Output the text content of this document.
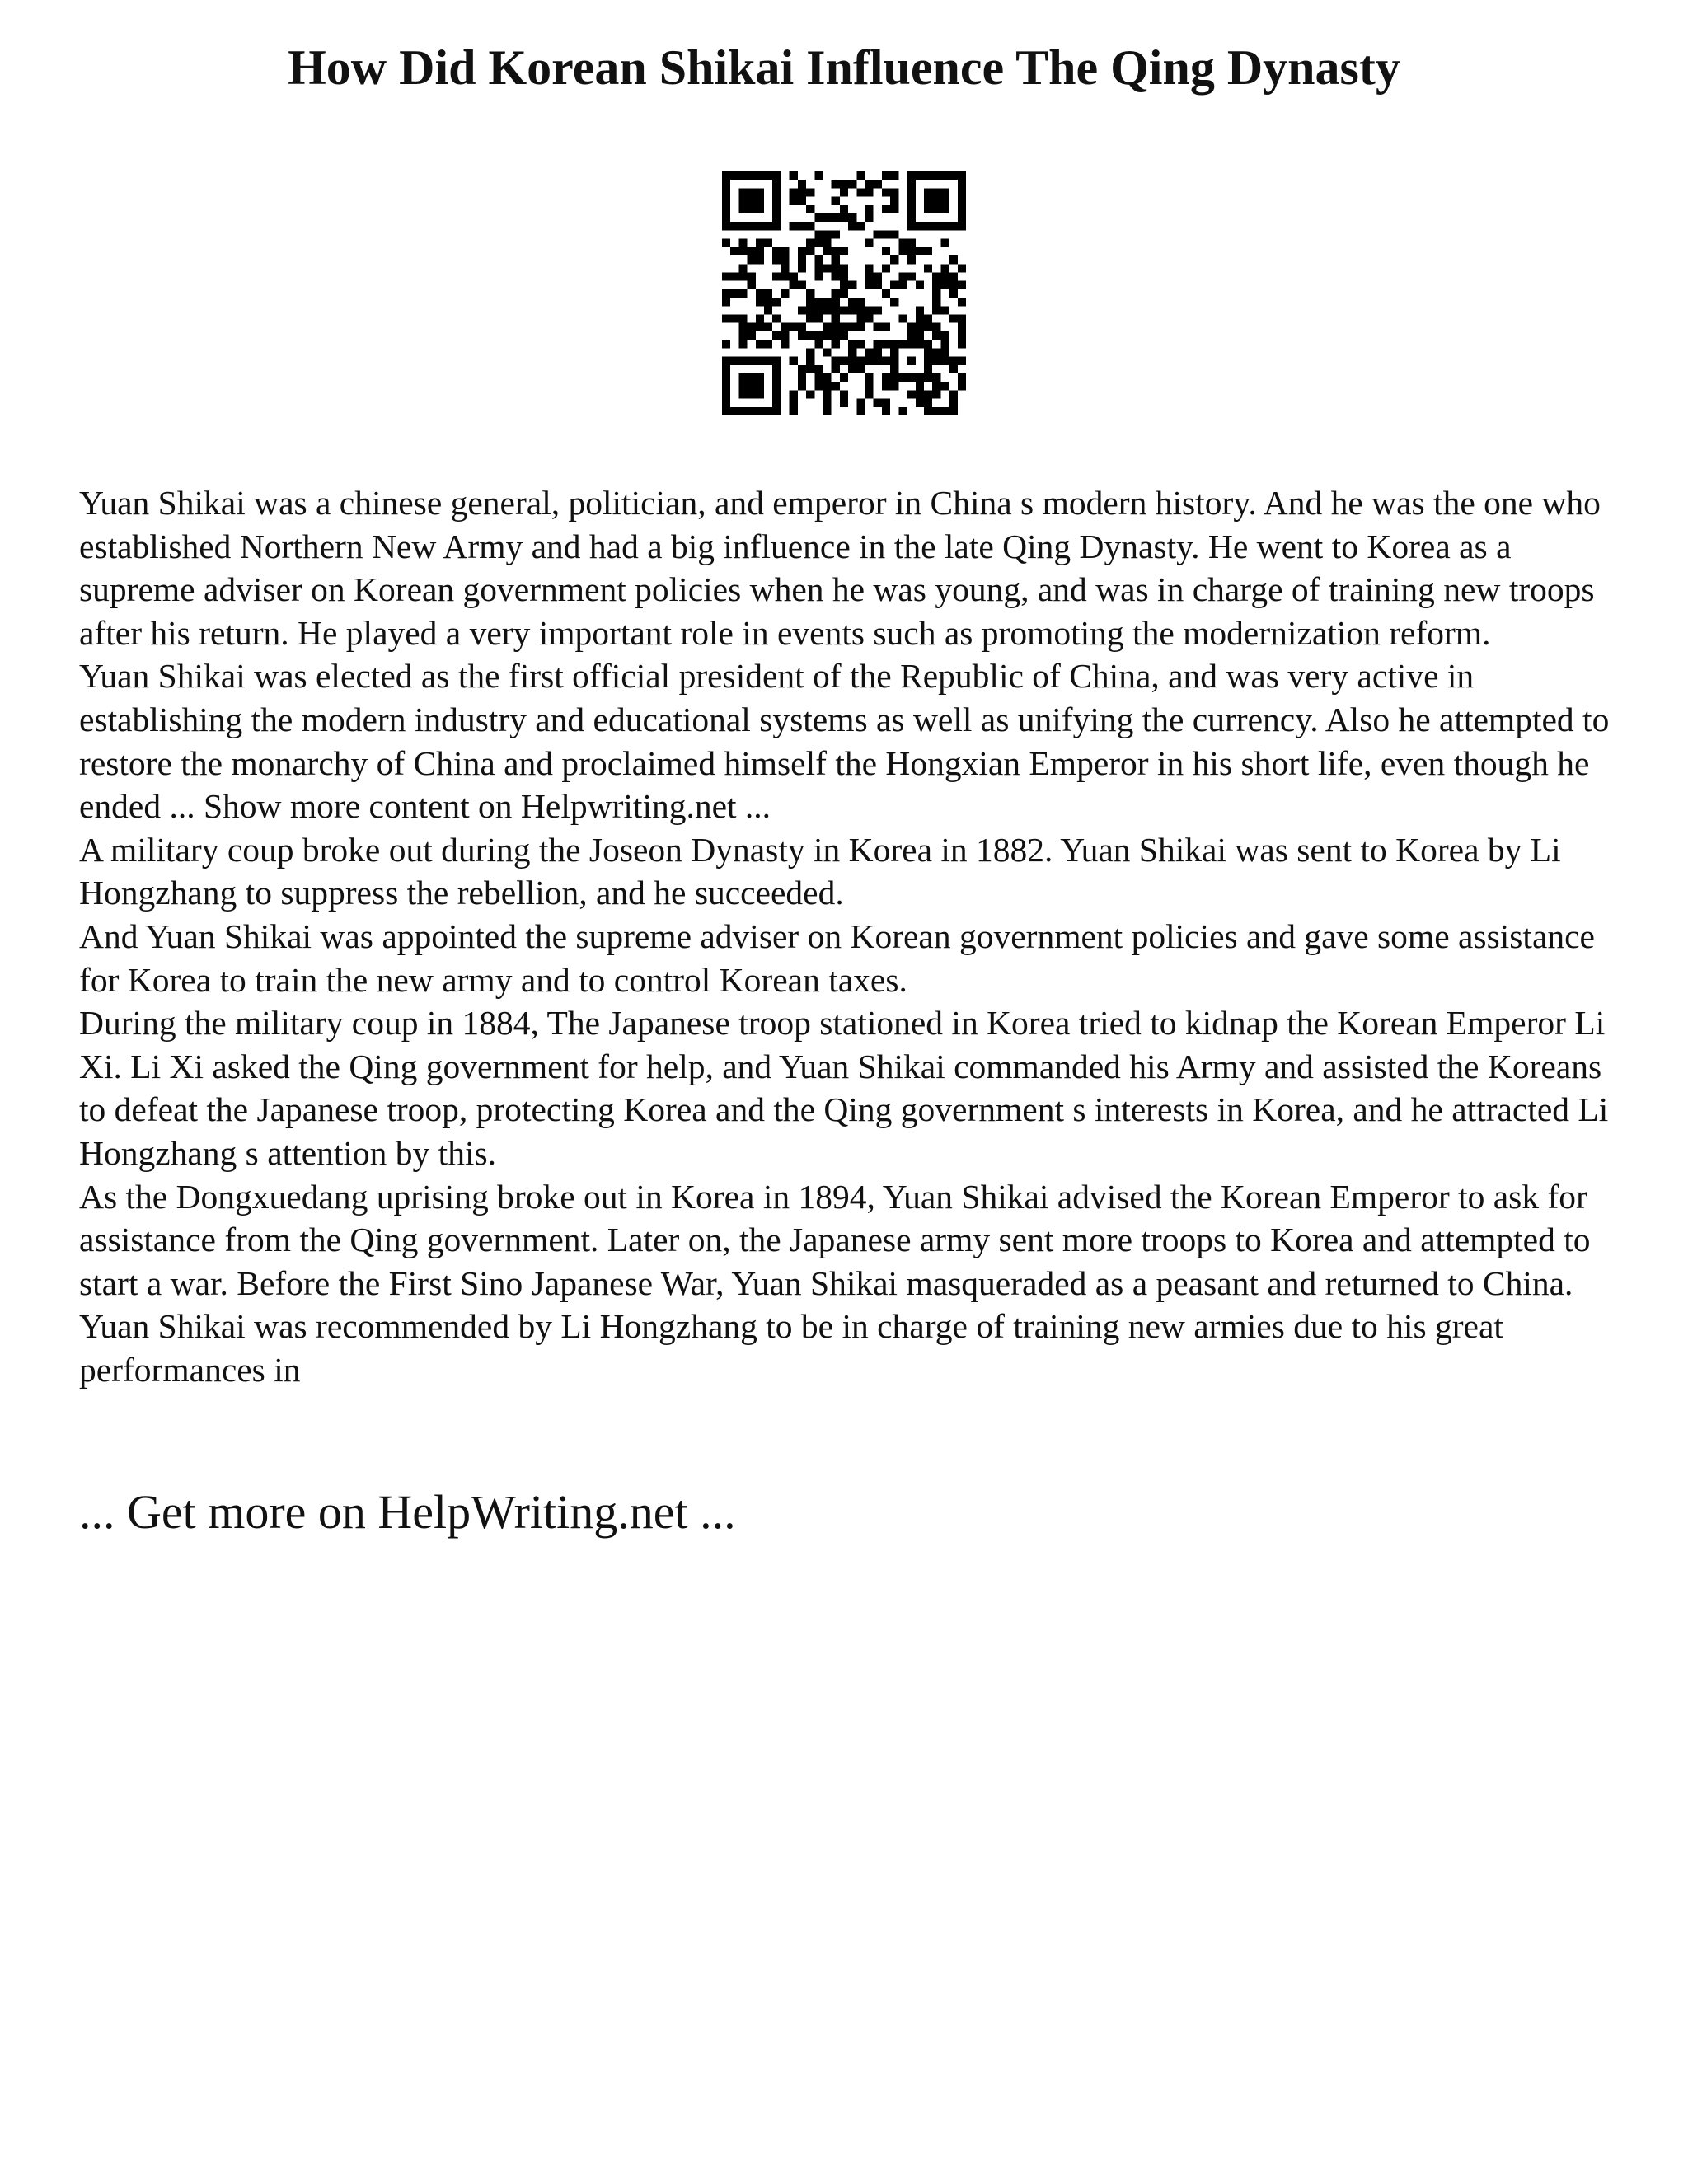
How Did Korean Shikai Influence The Qing Dynasty

Yuan Shikai was a chinese general, politician, and emperor in China s modern history. And he was the one who established Northern New Army and had a big influence in the late Qing Dynasty. He went to Korea as a supreme adviser on Korean government policies when he was young, and was in charge of training new troops after his return. He played a very important role in events such as promoting the modernization reform.

Yuan Shikai was elected as the first official president of the Republic of China, and was very active in establishing the modern industry and educational systems as well as unifying the currency. Also he attempted to restore the monarchy of China and proclaimed himself the Hongxian Emperor in his short life, even though he ended ... Show more content on Helpwriting.net ...

A military coup broke out during the Joseon Dynasty in Korea in 1882. Yuan Shikai was sent to Korea by Li Hongzhang to suppress the rebellion, and he succeeded.

And Yuan Shikai was appointed the supreme adviser on Korean government policies and gave some assistance for Korea to train the new army and to control Korean taxes.

During the military coup in 1884, The Japanese troop stationed in Korea tried to kidnap the Korean Emperor Li Xi. Li Xi asked the Qing government for help, and Yuan Shikai commanded his Army and assisted the Koreans to defeat the Japanese troop, protecting Korea and the Qing government s interests in Korea, and he attracted Li Hongzhang s attention by this.

As the Dongxuedang uprising broke out in Korea in 1894, Yuan Shikai advised the Korean Emperor to ask for assistance from the Qing government. Later on, the Japanese army sent more troops to Korea and attempted to start a war. Before the First Sino Japanese War, Yuan Shikai masqueraded as a peasant and returned to China. Yuan Shikai was recommended by Li Hongzhang to be in charge of training new armies due to his great performances in

... Get more on HelpWriting.net ...
